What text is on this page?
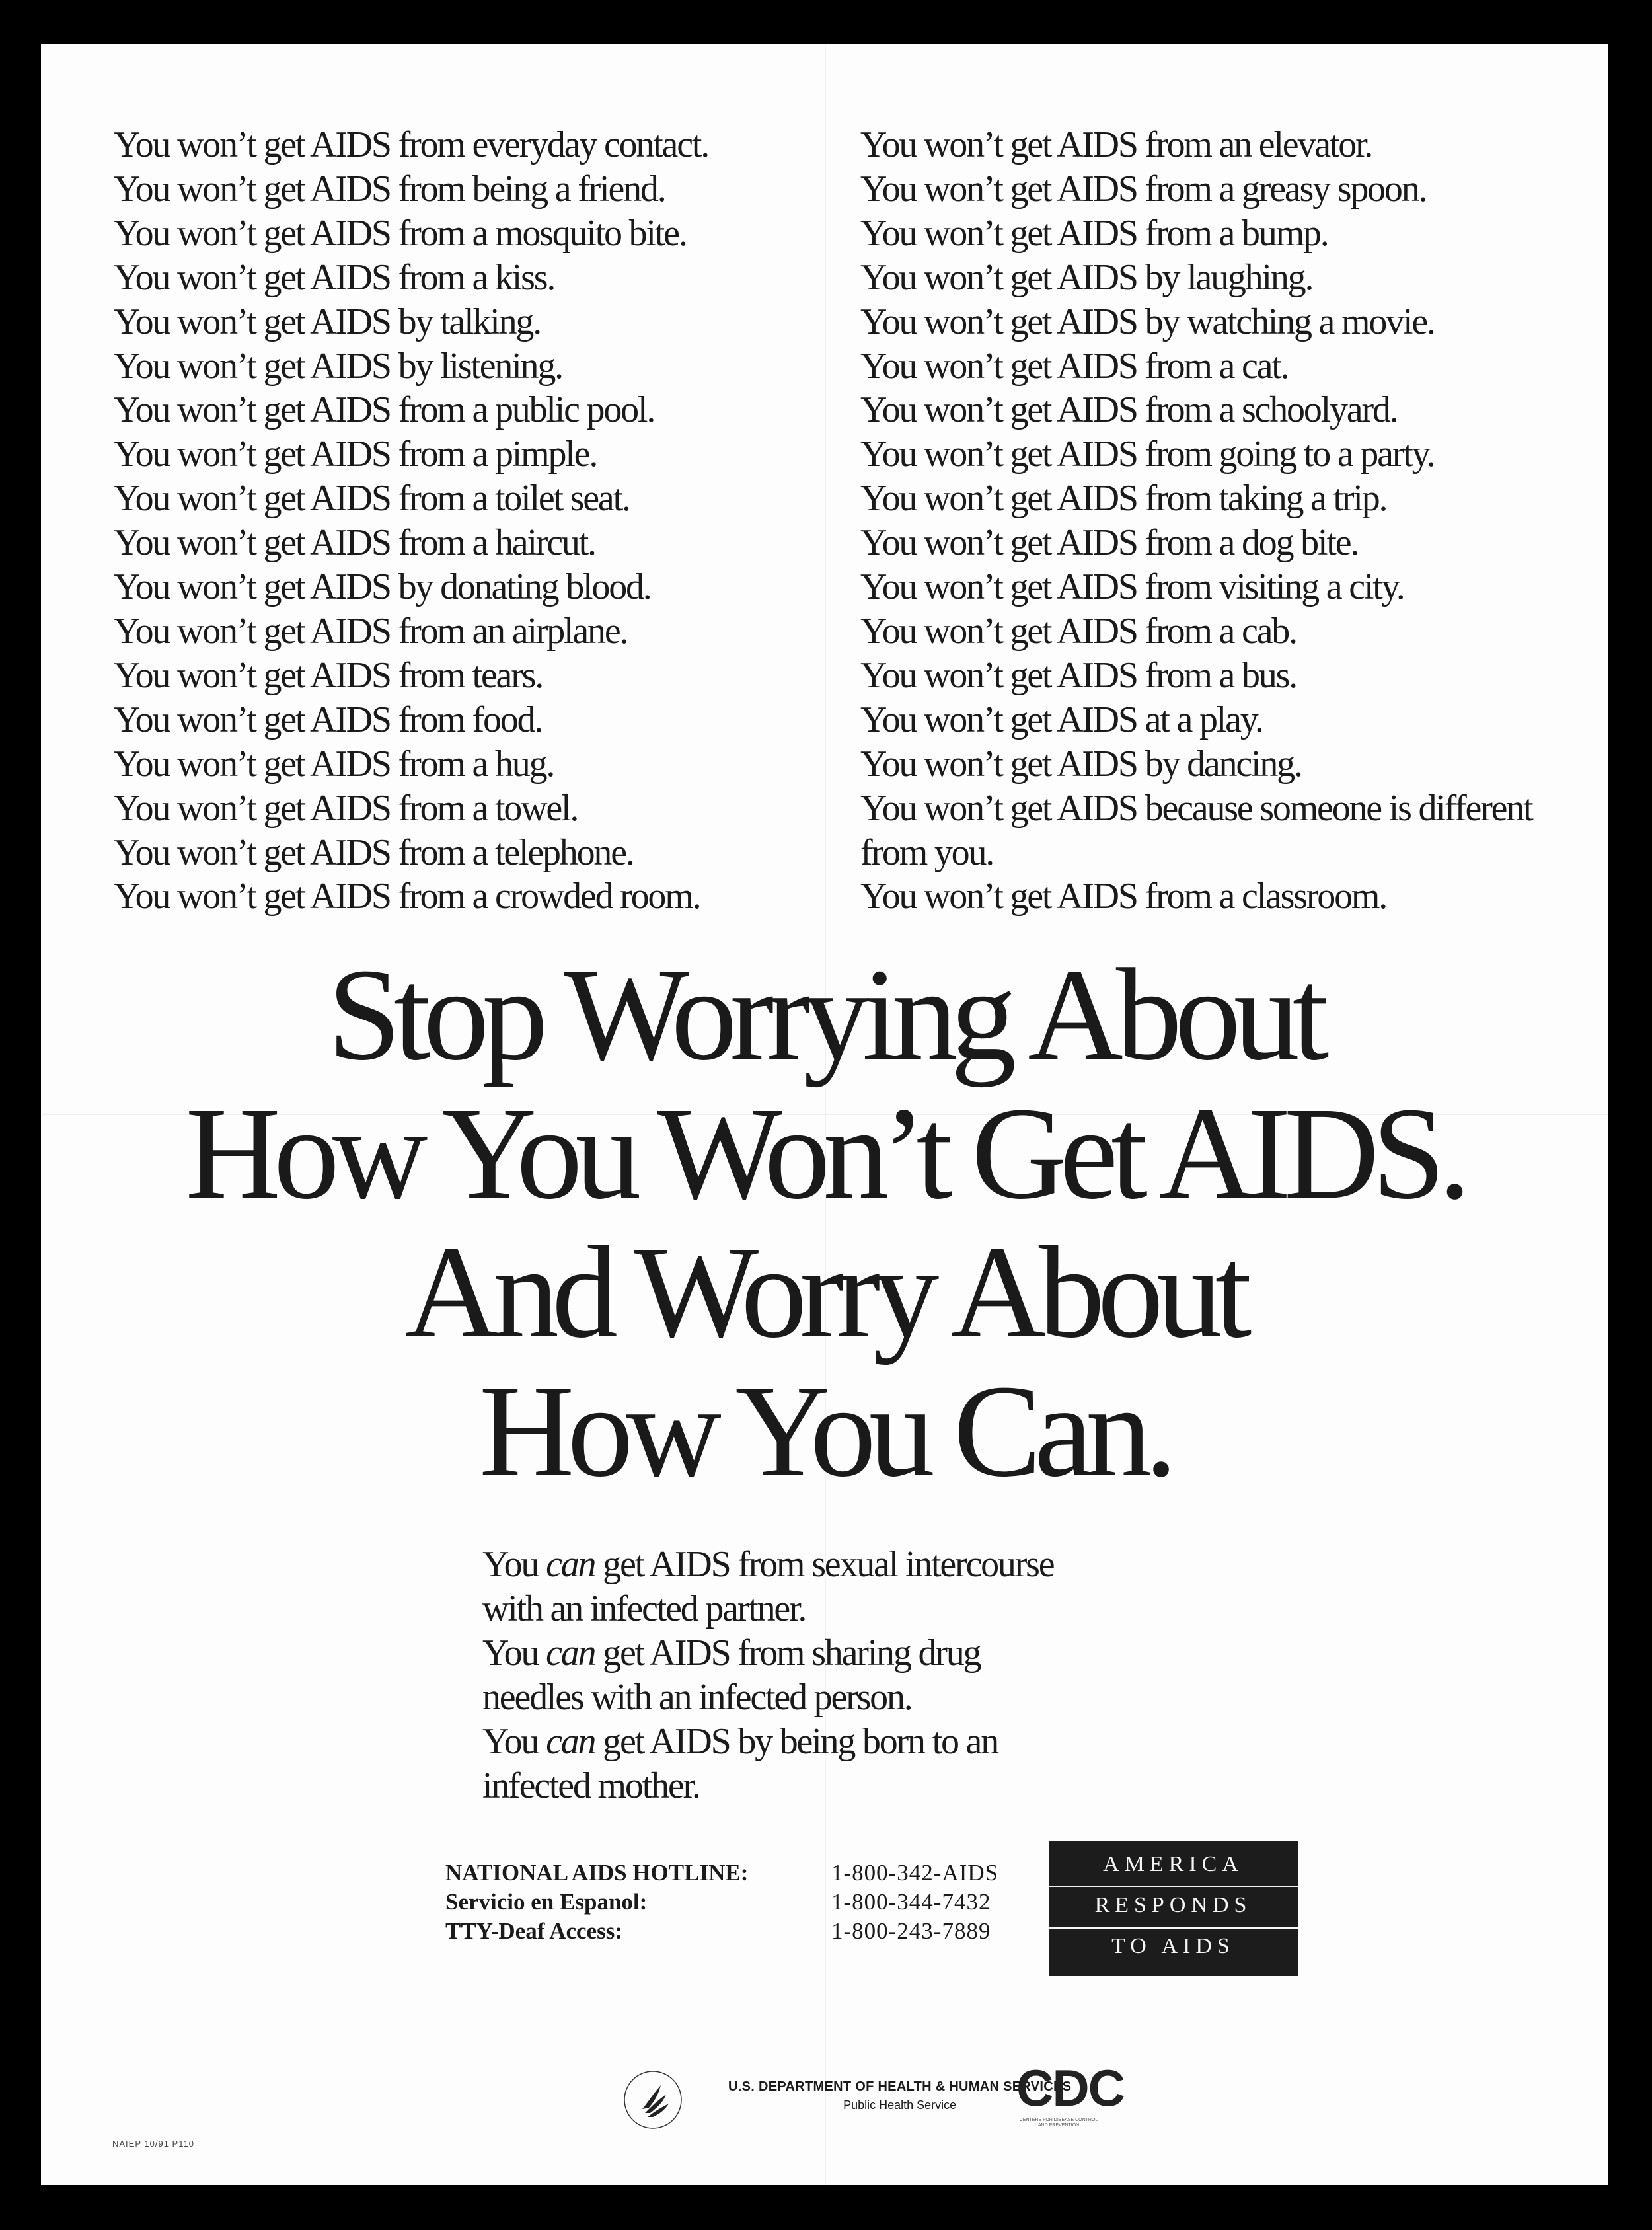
You won’t get AIDS from everyday contact.
You won’t get AIDS from being a friend.
You won’t get AIDS from a mosquito bite.
You won’t get AIDS from a kiss.
You won’t get AIDS by talking.
You won’t get AIDS by listening.
You won’t get AIDS from a public pool.
You won’t get AIDS from a pimple.
You won’t get AIDS from a toilet seat.
You won’t get AIDS from a haircut.
You won’t get AIDS by donating blood.
You won’t get AIDS from an airplane.
You won’t get AIDS from tears.
You won’t get AIDS from food.
You won’t get AIDS from a hug.
You won’t get AIDS from a towel.
You won’t get AIDS from a telephone.
You won’t get AIDS from a crowded room.
You won’t get AIDS from an elevator.
You won’t get AIDS from a greasy spoon.
You won’t get AIDS from a bump.
You won’t get AIDS by laughing.
You won’t get AIDS by watching a movie.
You won’t get AIDS from a cat.
You won’t get AIDS from a schoolyard.
You won’t get AIDS from going to a party.
You won’t get AIDS from taking a trip.
You won’t get AIDS from a dog bite.
You won’t get AIDS from visiting a city.
You won’t get AIDS from a cab.
You won’t get AIDS from a bus.
You won’t get AIDS at a play.
You won’t get AIDS by dancing.
You won’t get AIDS because someone is different from you.
You won’t get AIDS from a classroom.
Stop Worrying About
How You Won’t Get AIDS.
And Worry About
How You Can.
You can get AIDS from sexual intercourse
with an infected partner.
You can get AIDS from sharing drug
needles with an infected person.
You can get AIDS by being born to an
infected mother.
NATIONAL AIDS HOTLINE:	1-800-342-AIDS
Servicio en Espanol:	1-800-344-7432
TTY-Deaf Access:	1-800-243-7889
AMERICA
RESPONDS
TO AIDS
U.S. DEPARTMENT OF HEALTH & HUMAN SERVICES
Public Health Service	CDC
CENTERS FOR DISEASE CONTROL AND PREVENTION
NAIEP 10/91 P110
